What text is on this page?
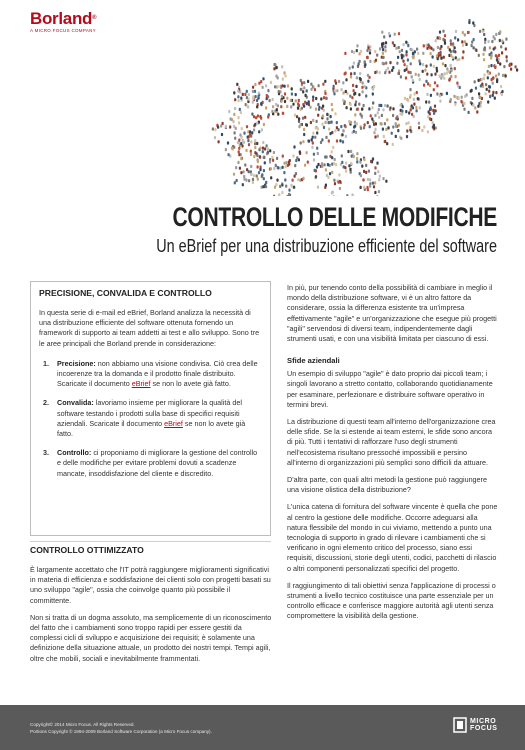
Borland®
A MICRO FOCUS COMPANY
CONTROLLO DELLE MODIFICHE
Un eBrief per una distribuzione efficiente del software
PRECISIONE, CONVALIDA E CONTROLLO

In questa serie di e-mail ed eBrief, Borland analizza la necessità di una distribuzione efficiente del software ottenuta fornendo un framework di supporto ai team addetti ai test e allo sviluppo. Sono tre le aree principali che Borland prende in considerazione:

1. Precisione: non abbiamo una visione condivisa. Ciò crea delle incoerenze tra la domanda e il prodotto finale distribuito. Scaricate il documento eBrief se non lo avete già fatto.
2. Convalida: lavoriamo insieme per migliorare la qualità del software testando i prodotti sulla base di specifici requisiti aziendali. Scaricate il documento eBrief se non lo avete già fatto.
3. Controllo: ci proponiamo di migliorare la gestione del controllo e delle modifiche per evitare problemi dovuti a scadenze mancate, insoddisfazione del cliente e discredito.
CONTROLLO OTTIMIZZATO

È largamente accettato che l'IT potrà raggiungere miglioramenti significativi in materia di efficienza e soddisfazione dei clienti solo con progetti basati su uno sviluppo "agile", ossia che coinvolge quanto più possibile il committente.

Non si tratta di un dogma assoluto, ma semplicemente di un riconoscimento del fatto che i cambiamenti sono troppo rapidi per essere gestiti da complessi cicli di sviluppo e acquisizione dei requisiti; è solamente una definizione della situazione attuale, un prodotto dei nostri tempi. Tempi agili, oltre che mobili, sociali e inevitabilmente frammentati.

In più, pur tenendo conto della possibilità di cambiare in meglio il mondo della distribuzione software, vi è un altro fattore da considerare, ossia la differenza esistente tra un'impresa effettivamente "agile" e un'organizzazione che esegue più progetti "agili" servendosi di diversi team, indipendentemente dagli strumenti usati, e con una visibilità limitata per ciascuno di essi.

Sfide aziendali

Un esempio di sviluppo "agile" è dato proprio dai piccoli team; i singoli lavorano a stretto contatto, collaborando quotidianamente per esaminare, perfezionare e distribuire software operativo in termini brevi.

La distribuzione di questi team all'interno dell'organizzazione crea delle sfide. Se la si estende ai team esterni, le sfide sono ancora di più. Tutti i tentativi di rafforzare l'uso degli strumenti nell'ecosistema risultano pressoché impossibili e persino all'interno di organizzazioni più semplici sono difficili da attuare.

D'altra parte, con quali altri metodi la gestione può raggiungere una visione olistica della distribuzione?

L'unica catena di fornitura del software vincente è quella che pone al centro la gestione delle modifiche. Occorre adeguarsi alla natura flessibile del mondo in cui viviamo, mettendo a punto una tecnologia di supporto in grado di rilevare i cambiamenti che si verificano in ogni elemento critico del processo, siano essi requisiti, discussioni, storie degli utenti, codici, pacchetti di rilascio o altri componenti personalizzati specifici del progetto.

Il raggiungimento di tali obiettivi senza l'applicazione di processi o strumenti a livello tecnico costituisce una parte essenziale per un controllo efficace e conferisce maggiore autorità agli utenti senza compromettere la visibilità della gestione.

Copyright© 2014 Micro Focus. All Rights Reserved.
Portions Copyright © 1994-2009 Borland Software Corporation (a Micro Focus company).
MICRO
FOCUS
